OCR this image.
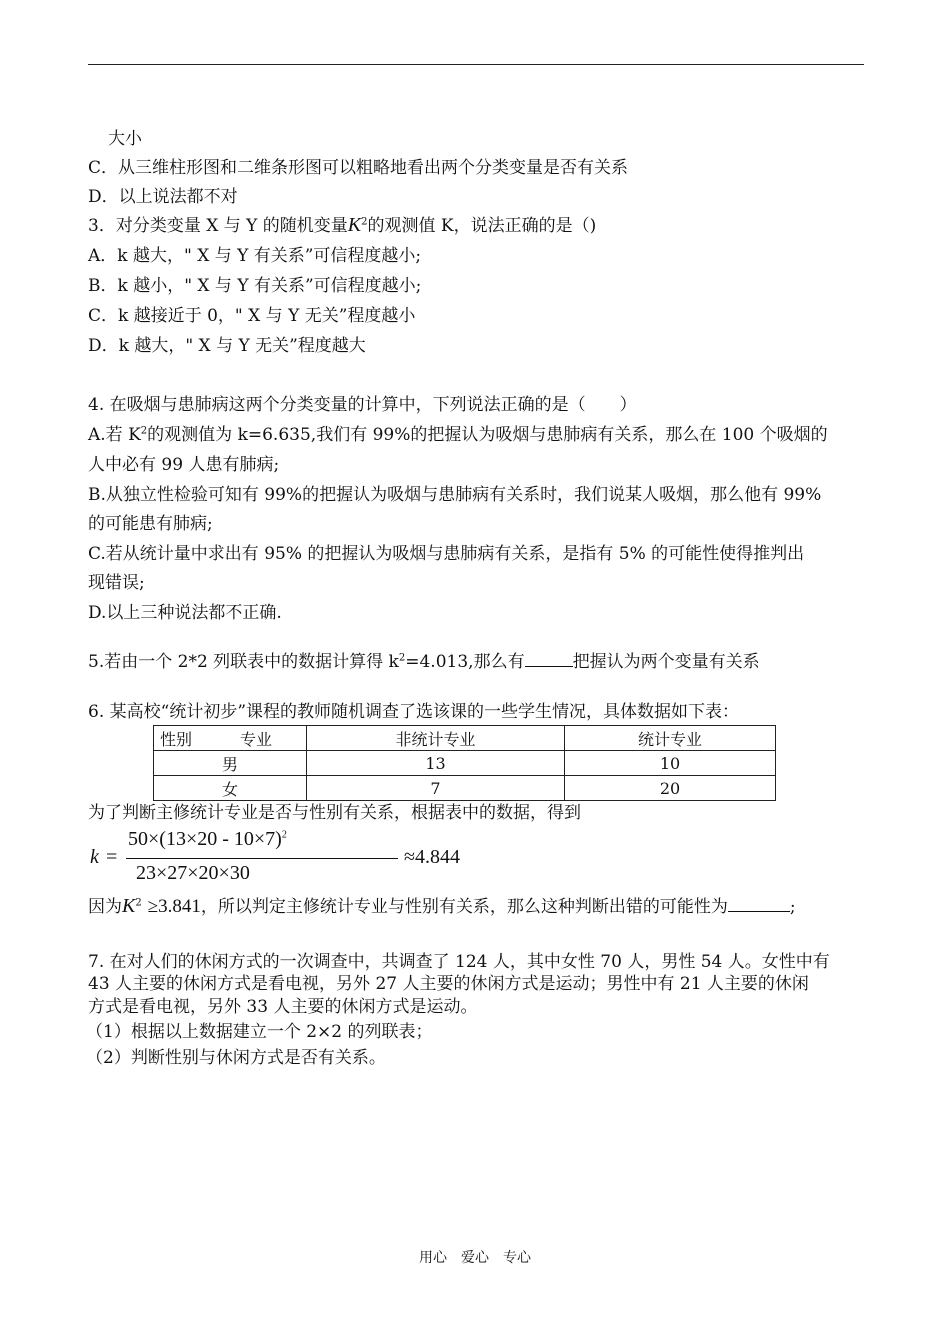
大小
C．从三维柱形图和二维条形图可以粗略地看出两个分类变量是否有关系
D．以上说法都不对
3．对分类变量 X 与 Y 的随机变量$K^2$的观测值 K，说法正确的是（)
A．k 越大，" X 与 Y 有关系”可信程度越小;
B．k 越小，" X 与 Y 有关系”可信程度越小;
C．k 越接近于 0，" X 与 Y 无关”程度越小
D．k 越大，" X 与 Y 无关”程度越大
4. 在吸烟与患肺病这两个分类变量的计算中，下列说法正确的是（　　）
A.若 $K^2$的观测值为 k=6.635,我们有 99%的把握认为吸烟与患肺病有关系，那么在 100 个吸烟的
人中必有 99 人患有肺病;
B.从独立性检验可知有 99%的把握认为吸烟与患肺病有关系时，我们说某人吸烟，那么他有 99%
的可能患有肺病;
C.若从统计量中求出有 95% 的把握认为吸烟与患肺病有关系，是指有 5% 的可能性使得推判出
现错误;
D.以上三种说法都不正确.
5.若由一个 2*2 列联表中的数据计算得 $k^2=4.013$,那么有	把握认为两个变量有关系
6. 某高校“统计初步”课程的教师随机调查了选该课的一些学生情况，具体数据如下表：
性别　　　专业	非统计专业	统计专业
男	13	10
女	7	20
为了判断主修统计专业是否与性别有关系，根据表中的数据，得到
k =
$50\times(13\times 20 - 10\times 7)^2$
23×27×20×30
≈4.844
因为$K^2 \ge 3.841$，所以判定主修统计专业与性别有关系，那么这种判断出错的可能性为	;
7. 在对人们的休闲方式的一次调查中，共调查了 124 人，其中女性 70 人，男性 54 人。女性中有
43 人主要的休闲方式是看电视，另外 27 人主要的休闲方式是运动；男性中有 21 人主要的休闲
方式是看电视，另外 33 人主要的休闲方式是运动。
（1）根据以上数据建立一个 2×2 的列联表；
（2）判断性别与休闲方式是否有关系。
用心　爱心　专心
